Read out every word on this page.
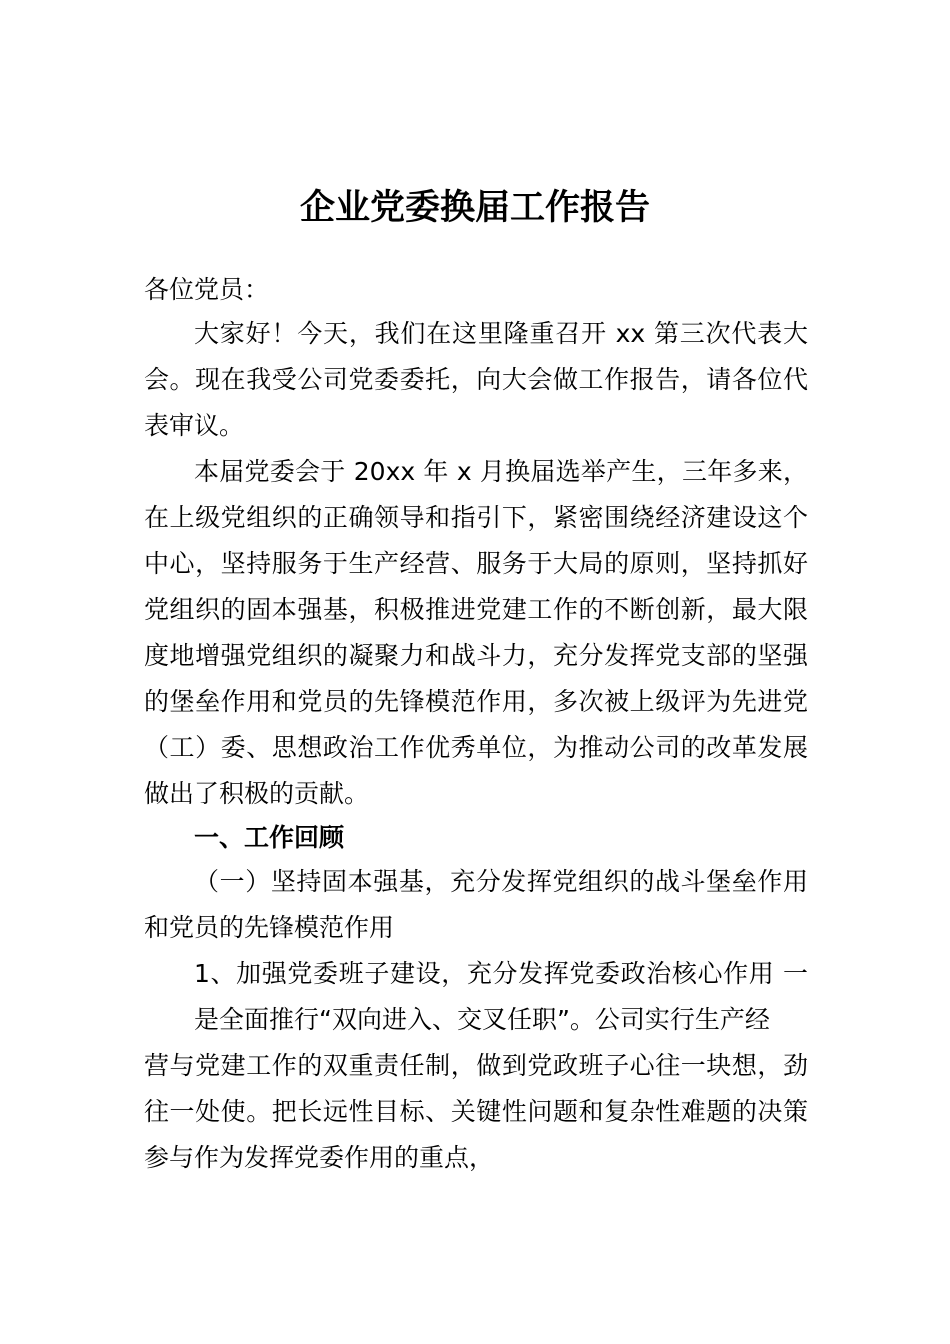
企业党委换届工作报告
各位党员：
大家好！今天，我们在这里隆重召开 xx 第三次代表大
会。现在我受公司党委委托，向大会做工作报告，请各位代
表审议。
本届党委会于 20xx 年 x 月换届选举产生，三年多来，
在上级党组织的正确领导和指引下，紧密围绕经济建设这个
中心，坚持服务于生产经营、服务于大局的原则，坚持抓好
党组织的固本强基，积极推进党建工作的不断创新，最大限
度地增强党组织的凝聚力和战斗力，充分发挥党支部的坚强
的堡垒作用和党员的先锋模范作用，多次被上级评为先进党
（工）委、思想政治工作优秀单位，为推动公司的改革发展
做出了积极的贡献。
一、工作回顾
（一）坚持固本强基，充分发挥党组织的战斗堡垒作用
和党员的先锋模范作用
1、加强党委班子建设，充分发挥党委政治核心作用 一
是全面推行“双向进入、交叉任职”。公司实行生产经
营与党建工作的双重责任制，做到党政班子心往一块想，劲
往一处使。把长远性目标、关键性问题和复杂性难题的决策
参与作为发挥党委作用的重点，
